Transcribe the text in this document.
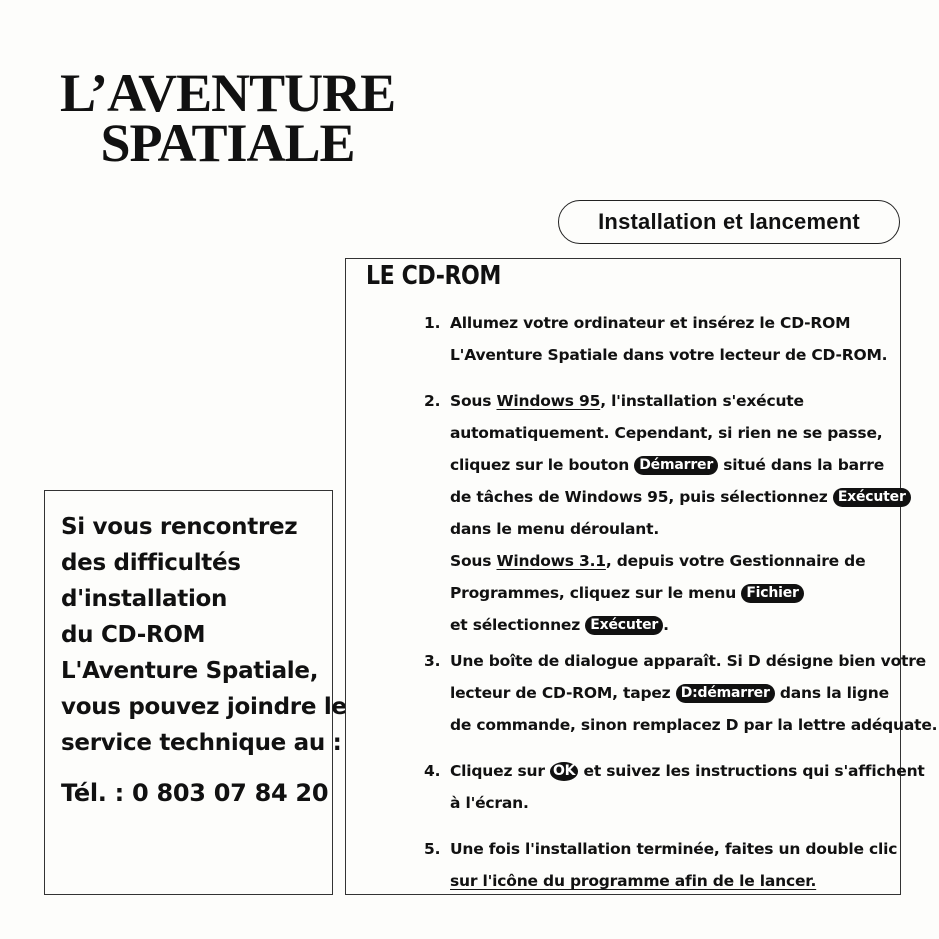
L’AVENTURE
SPATIALE
Installation et lancement
Si vous rencontrez
des difficultés
d'installation
du CD-ROM
L'Aventure Spatiale,
vous pouvez joindre le
service technique au :
Tél. : 0 803 07 84 20
LE CD-ROM
1. Allumez votre ordinateur et insérez le CD-ROM
L'Aventure Spatiale dans votre lecteur de CD-ROM.
2. Sous Windows 95, l'installation s'exécute
automatiquement. Cependant, si rien ne se passe,
cliquez sur le bouton Démarrer situé dans la barre
de tâches de Windows 95, puis sélectionnez Exécuter
dans le menu déroulant.
Sous Windows 3.1, depuis votre Gestionnaire de
Programmes, cliquez sur le menu Fichier
et sélectionnez Exécuter .
3. Une boîte de dialogue apparaît. Si D désigne bien votre
lecteur de CD-ROM, tapez D:démarrer dans la ligne
de commande, sinon remplacez D par la lettre adéquate.
4. Cliquez sur OK et suivez les instructions qui s'affichent
à l'écran.
5. Une fois l'installation terminée, faites un double clic
sur l'icône du programme afin de le lancer.
